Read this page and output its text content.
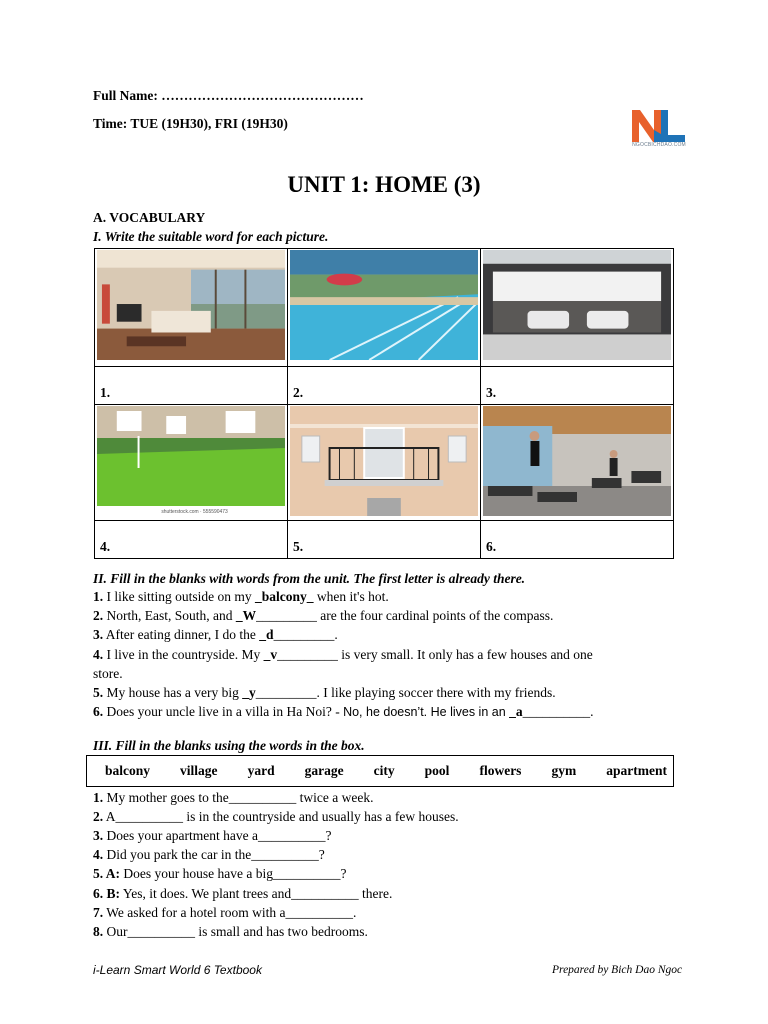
Full Name: ………………………………………
Time: TUE (19H30), FRI (19H30)
NGOCBICHDAO.COM
UNIT 1: HOME (3)
A. VOCABULARY
I. Write the suitable word for each picture.

1.	2.	3.

shutterstock.com · 555590473

4.	5.	6.
II. Fill in the blanks with words from the unit. The first letter is already there.
1. I like sitting outside on my _balcony_ when it's hot.
2. North, East, South, and _W_________ are the four cardinal points of the compass.
3. After eating dinner, I do the _d_________.
4. I live in the countryside. My _v_________ is very small. It only has a few houses and one
store.
5. My house has a very big _y_________. I like playing soccer there with my friends.
6. Does your uncle live in a villa in Ha Noi? - No, he doesn’t. He lives in an _a__________.
III. Fill in the blanks using the words in the box.
balcony village yard garage city pool flowers gym apartment
1. My mother goes to the__________ twice a week.
2. A__________ is in the countryside and usually has a few houses.
3. Does your apartment have a__________?
4. Did you park the car in the__________?
5. A: Does your house have a big__________?
6. B: Yes, it does. We plant trees and__________ there.
7. We asked for a hotel room with a__________.
8. Our__________ is small and has two bedrooms.
i-Learn Smart World 6 Textbook	Prepared by Bich Dao Ngoc
